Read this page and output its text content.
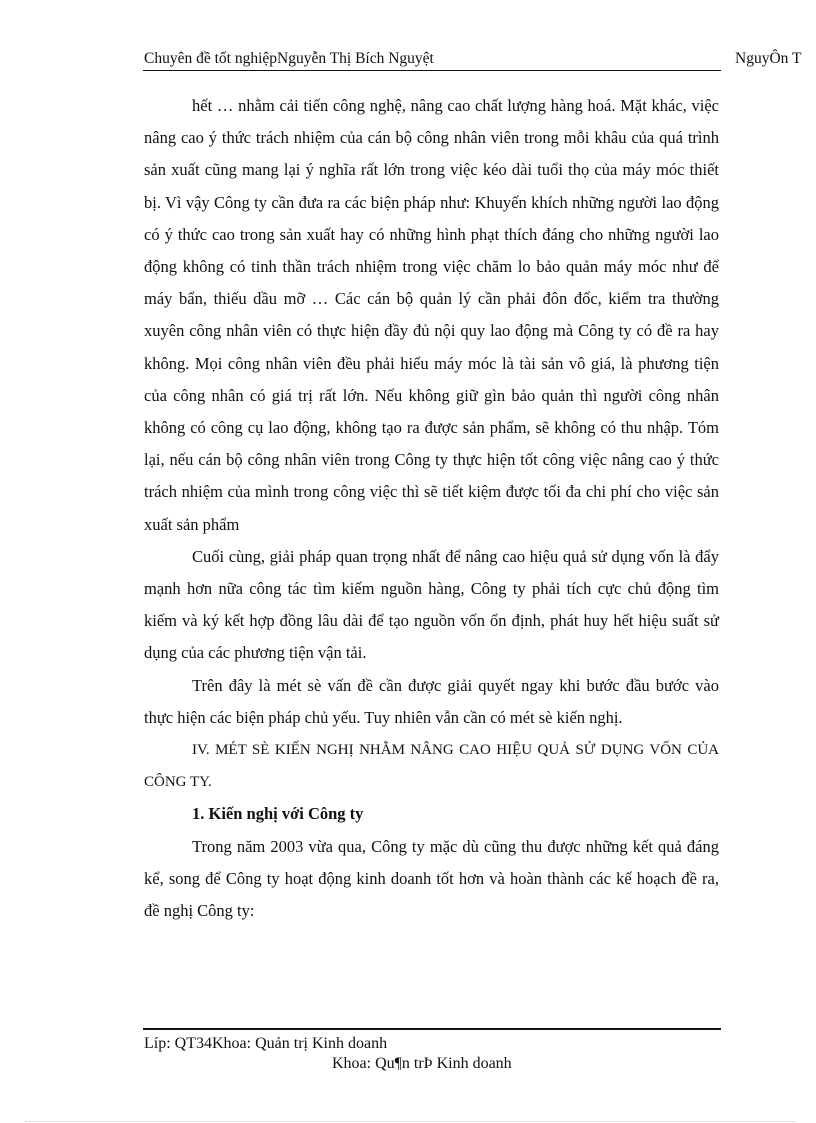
Chuyên đề tốt nghiệpNguyễn Thị Bích Nguyệt	NguyÔn T

hết … nhằm cải tiến công nghệ, nâng cao chất lượng hàng hoá. Mặt khác, việc nâng cao ý thức trách nhiệm của cán bộ công nhân viên trong mỗi khâu của quá trình sản xuất cũng mang lại ý nghĩa rất lớn trong việc kéo dài tuổi thọ của máy móc thiết bị. Vì vậy Công ty cần đưa ra các biện pháp như: Khuyến khích những người lao động có ý thức cao trong sản xuất hay có những hình phạt thích đáng cho những người lao động không có tinh thần trách nhiệm trong việc chăm lo bảo quản máy móc như để máy bẩn, thiếu dầu mỡ … Các cán bộ quản lý cần phải đôn đốc, kiểm tra thường xuyên công nhân viên có thực hiện đầy đủ nội quy lao động mà Công ty có đề ra hay không. Mọi công nhân viên đều phải hiểu máy móc là tài sản vô giá, là phương tiện của công nhân có giá trị rất lớn. Nếu không giữ gìn bảo quản thì người công nhân không có công cụ lao động, không tạo ra được sản phẩm, sẽ không có thu nhập. Tóm lại, nếu cán bộ công nhân viên trong Công ty thực hiện tốt công việc nâng cao ý thức trách nhiệm của mình trong công việc thì sẽ tiết kiệm được tối đa chi phí cho việc sản xuất sản phẩm

Cuối cùng, giải pháp quan trọng nhất để nâng cao hiệu quả sử dụng vốn là đẩy mạnh hơn nữa công tác tìm kiếm nguồn hàng, Công ty phải tích cực chủ động tìm kiếm và ký kết hợp đồng lâu dài để tạo nguồn vốn ổn định, phát huy hết hiệu suất sử dụng của các phương tiện vận tải.

Trên đây là mét sè vấn đề cần được giải quyết ngay khi bước đầu bước vào thực hiện các biện pháp chủ yếu. Tuy nhiên vẫn cần có mét sè kiến nghị.

IV. MÉT SÈ KIẾN NGHỊ NHẰM NÂNG CAO HIỆU QUẢ SỬ DỤNG VỐN CỦA CÔNG TY.

1. Kiến nghị với Công ty

Trong năm 2003 vừa qua, Công ty mặc dù cũng thu được những kết quả đáng kể, song để Công ty hoạt động kinh doanh tốt hơn và hoàn thành các kế hoạch đề ra, đề nghị Công ty:

Líp: QT34Khoa: Quản trị Kinh doanh
Khoa: Qu¶n trÞ Kinh doanh
